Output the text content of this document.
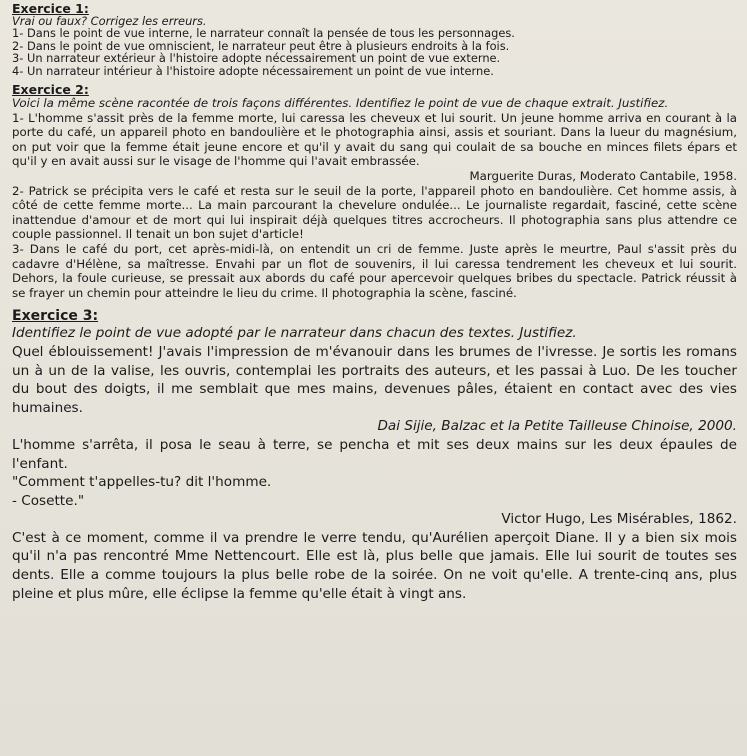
Exercice 1:

Vrai ou faux? Corrigez les erreurs.

1- Dans le point de vue interne, le narrateur connaît la pensée de tous les personnages.

2- Dans le point de vue omniscient, le narrateur peut être à plusieurs endroits à la fois.

3- Un narrateur extérieur à l'histoire adopte nécessairement un point de vue externe.

4- Un narrateur intérieur à l'histoire adopte nécessairement un point de vue interne.

Exercice 2:

Voici la même scène racontée de trois façons différentes. Identifiez le point de vue de chaque extrait. Justifiez.

1- L'homme s'assit près de la femme morte, lui caressa les cheveux et lui sourit. Un jeune homme arriva en courant à la porte du café, un appareil photo en bandoulière et le photographia ainsi, assis et souriant. Dans la lueur du magnésium, on put voir que la femme était jeune encore et qu'il y avait du sang qui coulait de sa bouche en minces filets épars et qu'il y en avait aussi sur le visage de l'homme qui l'avait embrassée.

Marguerite Duras, Moderato Cantabile, 1958.

2- Patrick se précipita vers le café et resta sur le seuil de la porte, l'appareil photo en bandoulière. Cet homme assis, à côté de cette femme morte... La main parcourant la chevelure ondulée... Le journaliste regardait, fasciné, cette scène inattendue d'amour et de mort qui lui inspirait déjà quelques titres accrocheurs. Il photographia sans plus attendre ce couple passionnel. Il tenait un bon sujet d'article!

3- Dans le café du port, cet après-midi-là, on entendit un cri de femme. Juste après le meurtre, Paul s'assit près du cadavre d'Hélène, sa maîtresse. Envahi par un flot de souvenirs, il lui caressa tendrement les cheveux et lui sourit. Dehors, la foule curieuse, se pressait aux abords du café pour apercevoir quelques bribes du spectacle. Patrick réussit à se frayer un chemin pour atteindre le lieu du crime. Il photographia la scène, fasciné.

Exercice 3:

Identifiez le point de vue adopté par le narrateur dans chacun des textes. Justifiez.

Quel éblouissement! J'avais l'impression de m'évanouir dans les brumes de l'ivresse. Je sortis les romans un à un de la valise, les ouvris, contemplai les portraits des auteurs, et les passai à Luo. De les toucher du bout des doigts, il me semblait que mes mains, devenues pâles, étaient en contact avec des vies humaines.

Dai Sijie, Balzac et la Petite Tailleuse Chinoise, 2000.

L'homme s'arrêta, il posa le seau à terre, se pencha et mit ses deux mains sur les deux épaules de l'enfant.

"Comment t'appelles-tu? dit l'homme.

- Cosette."

Victor Hugo, Les Misérables, 1862.

C'est à ce moment, comme il va prendre le verre tendu, qu'Aurélien aperçoit Diane. Il y a bien six mois qu'il n'a pas rencontré Mme Nettencourt. Elle est là, plus belle que jamais. Elle lui sourit de toutes ses dents. Elle a comme toujours la plus belle robe de la soirée. On ne voit qu'elle. A trente-cinq ans, plus pleine et plus mûre, elle éclipse la femme qu'elle était à vingt ans.
